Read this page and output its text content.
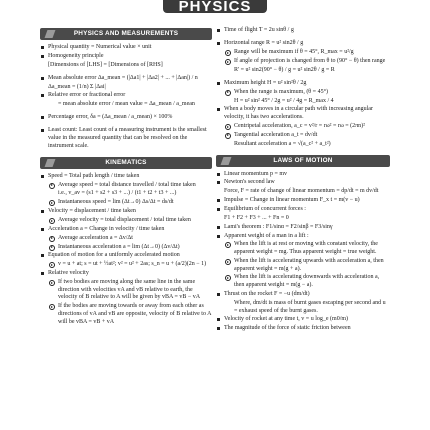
PHYSICS
PHYSICS AND MEASUREMENTS
Physical quantity = Numerical value × unit
Homogeneity principle
[Dimensions of [LHS] = [Dimensions of [RHS]
Mean absolute error Δa_mean = (|Δa1| + |Δa2| + ... + |Δan|) / n
Δa_mean = (1/n) Σ |Δai|
Relative error or fractional error
= mean absolute error / mean value = Δa_mean / a_mean
Percentage error, δa = (Δa_mean / a_mean) × 100%
Least count: Least count of a measuring instrument is the smallest value in the measured quantity that can be resolved on the instrument scale.
KINEMATICS
Speed = Total path length / time taken
Average speed = total distance travelled / total time taken
i.e., v_av = (s1 + s2 + s3 + ...) / (t1 + t2 + t3 + ...)
Instantaneous speed = lim (Δt→0) Δs/Δt = ds/dt
Velocity = displacement / time taken
Average velocity = total displacement / total time taken
Acceleration a = Change in velocity / time taken
Average acceleration a = Δv/Δt
Instantaneous acceleration a = lim (Δt→0) (Δv/Δt)
Equation of motion for a uniformly accelerated motion
v = u + at; s = ut + ½at²; v² = u² + 2as; s_n = u + (a/2)(2n − 1)
Relative velocity
If two bodies are moving along the same line in the same direction with velocities vA and vB relative to earth, the velocity of B relative to A will be given by vBA = vB − vA
If the bodies are moving towards or away from each other as directions of vA and vB are opposite, velocity of B relative to A will be vBA = vB + vA
Time of flight T = 2u sinθ / g
Horizontal range R = u² sin2θ / g
Range will be maximum if θ = 45°, R_max = u²/g
If angle of projection is changed from θ to (90° − θ) then range
R' = u² sin2(90° − θ) / g = u² sin2θ / g = R
Maximum height H = u² sin²θ / 2g
When the range is maximum, (θ = 45°)
H = u² sin² 45° / 2g = u² / 4g = R_max / 4
When a body moves in a circular path with increasing angular velocity, it has two accelerations.
Centripetal acceleration, a_c = v²/r = rω² = rω = (2πn)²
Tangential acceleration a_t = dv/dt
Resultant acceleration a = √(a_c² + a_t²)
LAWS OF MOTION
Linear momentum p = mv
Newton's second law
Force, F = rate of change of linear momentum = dp/dt = m dv/dt
Impulse = Change in linear momentum F_x t = m(v − u)
Equilibrium of concurrent forces :
F1 + F2 + F3 + ... + Fn = 0
Lami's theorem : F1/sinα = F2/sinβ = F3/sinγ
Apparent weight of a man in a lift :
When the lift is at rest or moving with constant velocity, the apparent weight = mg. Thus apparent weight = true weight.
When the lift is accelerating upwards with acceleration a, then apparent weight = m(g + a).
When the lift is accelerating downwards with acceleration a, then apparent weight = m(g − a).
Thrust on the rocket F = −u (dm/dt)
Where, dm/dt is mass of burnt gases escaping per second and u = exhaust speed of the burnt gases.
Velocity of rocket at any time t, v = u log_e (m0/m)
The magnitude of the force of static friction between
